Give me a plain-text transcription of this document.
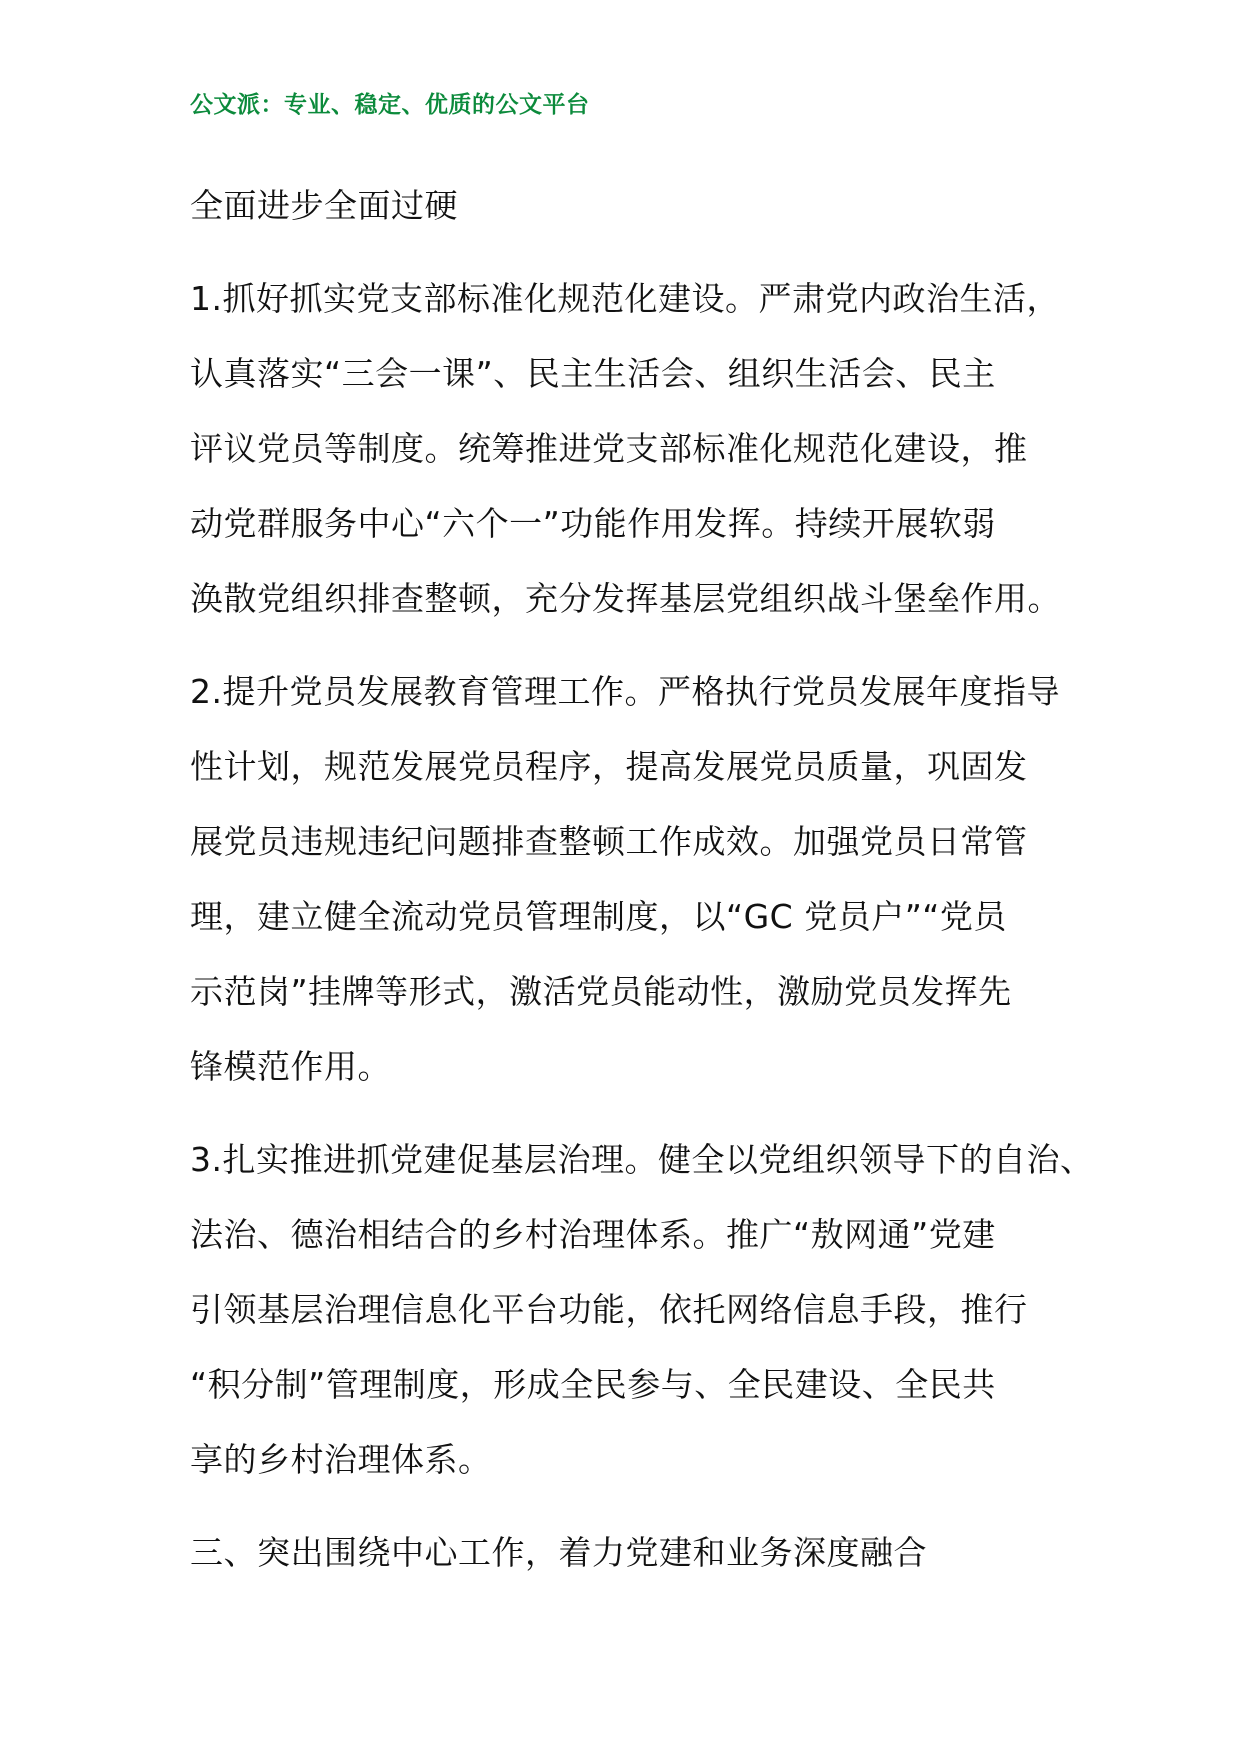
公文派：专业、稳定、优质的公文平台
全面进步全面过硬
1.抓好抓实党支部标准化规范化建设。严肃党内政治生活，
认真落实“三会一课”、民主生活会、组织生活会、民主
评议党员等制度。统筹推进党支部标准化规范化建设，推
动党群服务中心“六个一”功能作用发挥。持续开展软弱
涣散党组织排查整顿，充分发挥基层党组织战斗堡垒作用。
2.提升党员发展教育管理工作。严格执行党员发展年度指导
性计划，规范发展党员程序，提高发展党员质量，巩固发
展党员违规违纪问题排查整顿工作成效。加强党员日常管
理，建立健全流动党员管理制度，以“GC 党员户”“党员
示范岗”挂牌等形式，激活党员能动性，激励党员发挥先
锋模范作用。
3.扎实推进抓党建促基层治理。健全以党组织领导下的自治、
法治、德治相结合的乡村治理体系。推广“敖网通”党建
引领基层治理信息化平台功能，依托网络信息手段，推行
“积分制”管理制度，形成全民参与、全民建设、全民共
享的乡村治理体系。
三、突出围绕中心工作，着力党建和业务深度融合
